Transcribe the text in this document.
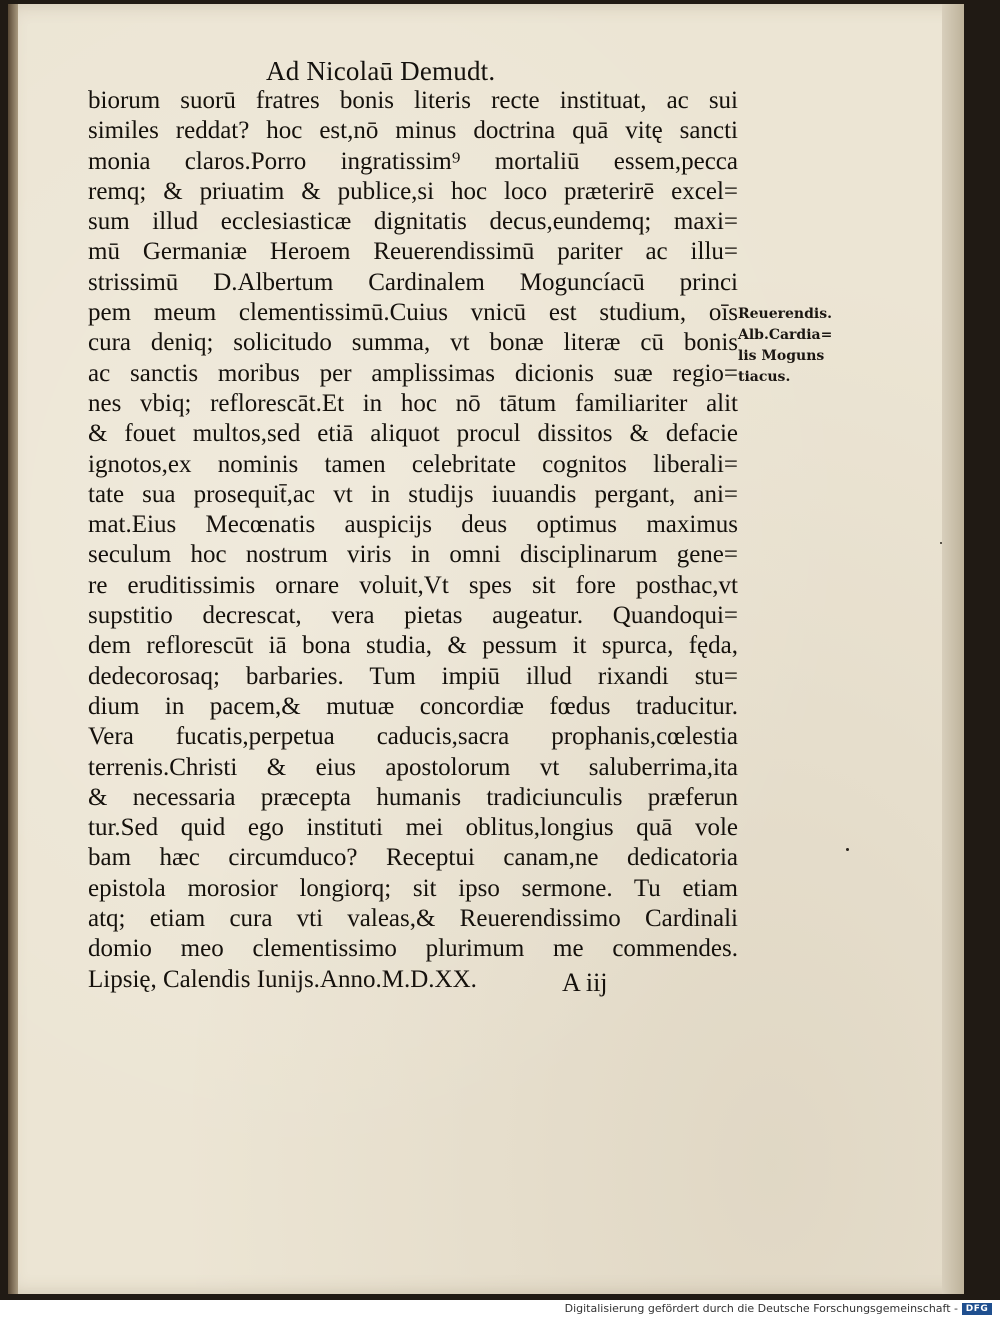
Ad Nicolaū Demudt.
biorum suorū fratres bonis literis recte instituat, ac sui
similes reddat? hoc est,nō minus doctrina quā vitę sancti
monia claros.Porro ingratissim⁹ mortaliū essem,pecca
remq; & priuatim & publice,si hoc loco præterirē excel=
sum illud ecclesiasticæ dignitatis decus,eundemq; maxi=
mū Germaniæ Heroem Reuerendissimū pariter ac illu=
strissimū D.Albertum Cardinalem Moguncíacū princi
pem meum clementissimū.Cuius vnicū est studium, oīs
cura deniq; solicitudo summa, vt bonæ literæ cū bonis
ac sanctis moribus per amplissimas dicionis suæ regio=
nes vbiq; reflorescāt.Et in hoc nō tātum familiariter alit
& fouet multos,sed etiā aliquot procul dissitos & defacie
ignotos,ex nominis tamen celebritate cognitos liberali=
tate sua prosequit̄,ac vt in studijs iuuandis pergant, ani=
mat.Eius Mecœnatis auspicijs deus optimus maximus
seculum hoc nostrum viris in omni disciplinarum gene=
re eruditissimis ornare voluit,Vt spes sit fore posthac,vt
supstitio decrescat, vera pietas augeatur. Quandoqui=
dem reflorescūt iā bona studia, & pessum it spurca, fęda,
dedecorosaq; barbaries. Tum impiū illud rixandi stu=
dium in pacem,& mutuæ concordiæ fœdus traducitur.
Vera fucatis,perpetua caducis,sacra prophanis,cœlestia
terrenis.Christi & eius apostolorum vt saluberrima,ita
& necessaria præcepta humanis tradiciunculis præferun
tur.Sed quid ego instituti mei oblitus,longius quā vole
bam hæc circumduco? Receptui canam,ne dedicatoria
epistola morosior longiorq; sit ipso sermone. Tu etiam
atq; etiam cura vti valeas,& Reuerendissimo Cardinali
domio meo clementissimo plurimum me commendes.
Lipsię, Calendis Iunijs.Anno.M.D.XX.	A iij
Reuerendis.
Alb.Cardia=
lis Moguns
tiacus.
Digitalisierung gefördert durch die Deutsche Forschungsgemeinschaft - DFG
